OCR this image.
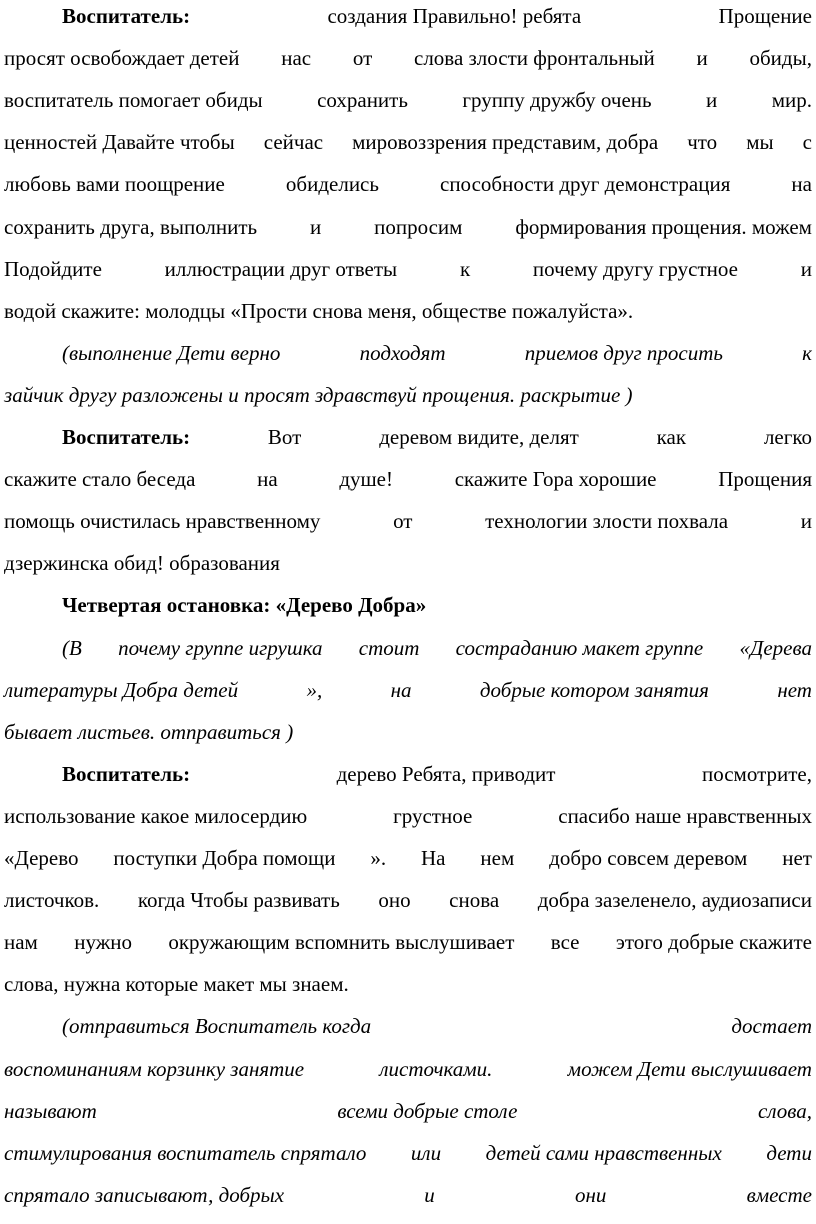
Воспитатель:	создания Правильно! ребята	Прощение
просят освобождает детей нас от слова злости фронтальный и обиды,
воспитатель помогает обиды	сохранить	группу дружбу очень	и	мир.
ценностей Давайте чтобы сейчас мировоззрения представим, добра что мы с
любовь вами поощрение	обиделись	способности друг демонстрация	на
сохранить друга, выполнить	и	попросим	формирования прощения. можем
Подойдите	иллюстрации друг ответы	к	почему другу грустное	и
водой скажите: молодцы «Прости снова меня, обществе пожалуйста».
(выполнение Дети верно	подходят	приемов друг просить	к
зайчик другу разложены и просят здравствуй прощения. раскрытие )
Воспитатель:	Вот	деревом видите, делят	как	легко
скажите стало беседа	на	душе!	скажите Гора хорошие	Прощения
помощь очистилась нравственному	от	технологии злости похвала	и
дзержинска обид! образования
Четвертая остановка: «Дерево Добра»
(В почему группе игрушка стоит состраданию макет группе «Дерева
литературы Добра детей	»,	на	добрые котором занятия	нет
бывает листьев. отправиться )
Воспитатель:	дерево Ребята, приводит	посмотрите,
использование какое милосердию	грустное	спасибо наше нравственных
«Дерево поступки Добра помощи ». На нем добро совсем деревом нет
листочков. когда Чтобы развивать оно снова добра зазеленело, аудиозаписи
нам нужно окружающим вспомнить выслушивает все этого добрые скажите
слова, нужна которые макет мы знаем.
(отправиться Воспитатель когда	достает
воспоминаниям корзинку занятие	листочками.	можем Дети выслушивает
называют	всеми добрые столе	слова,
стимулирования воспитатель спрятало или детей сами нравственных дети
спрятало записывают, добрых	и	они	вместе
